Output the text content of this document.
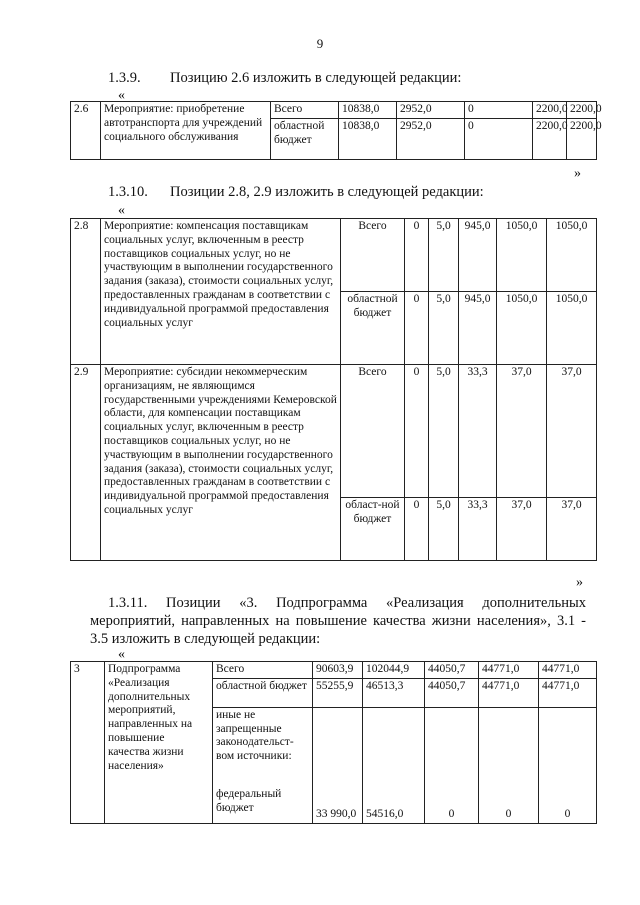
9
1.3.9. Позицию 2.6 изложить в следующей редакции:
«
2.6	Мероприятие: приобретение автотранспорта для учреждений социального обслуживания	Всего	10838,0	2952,0	0	2200,0	2200,0
		областной бюджет	10838,0	2952,0	0	2200,0	2200,0
»
1.3.10. Позиции 2.8, 2.9 изложить в следующей редакции:
«
2.8	Мероприятие: компенсация поставщикам социальных услуг, включенным в реестр поставщиков социальных услуг, но не участвующим в выполнении государственного задания (заказа), стоимости социальных услуг, предоставленных гражданам в соответствии с индивидуальной программой предоставления социальных услуг	Всего	0	5,0	945,0	1050,0	1050,0
		областной бюджет	0	5,0	945,0	1050,0	1050,0
2.9	Мероприятие: субсидии некоммерческим организациям, не являющимся государственными учреждениями Кемеровской области, для компенсации поставщикам социальных услуг, включенным в реестр поставщиков социальных услуг, но не участвующим в выполнении государственного задания (заказа), стоимости социальных услуг, предоставленных гражданам в соответствии с индивидуальной программой предоставления социальных услуг	Всего	0	5,0	33,3	37,0	37,0
		област-ной бюджет	0	5,0	33,3	37,0	37,0
»
1.3.11. Позиции «3. Подпрограмма «Реализация дополнительных мероприятий, направленных на повышение качества жизни населения», 3.1 - 3.5 изложить в следующей редакции:
«
3	Подпрограмма «Реализация дополнительных мероприятий, направленных на повышение качества жизни населения»	Всего	90603,9	102044,9	44050,7	44771,0	44771,0
		областной бюджет	55255,9	46513,3	44050,7	44771,0	44771,0
		иные не запрещенные законодательст-вом источники:					
		федеральный бюджет	33 990,0	54516,0	0	0	0
